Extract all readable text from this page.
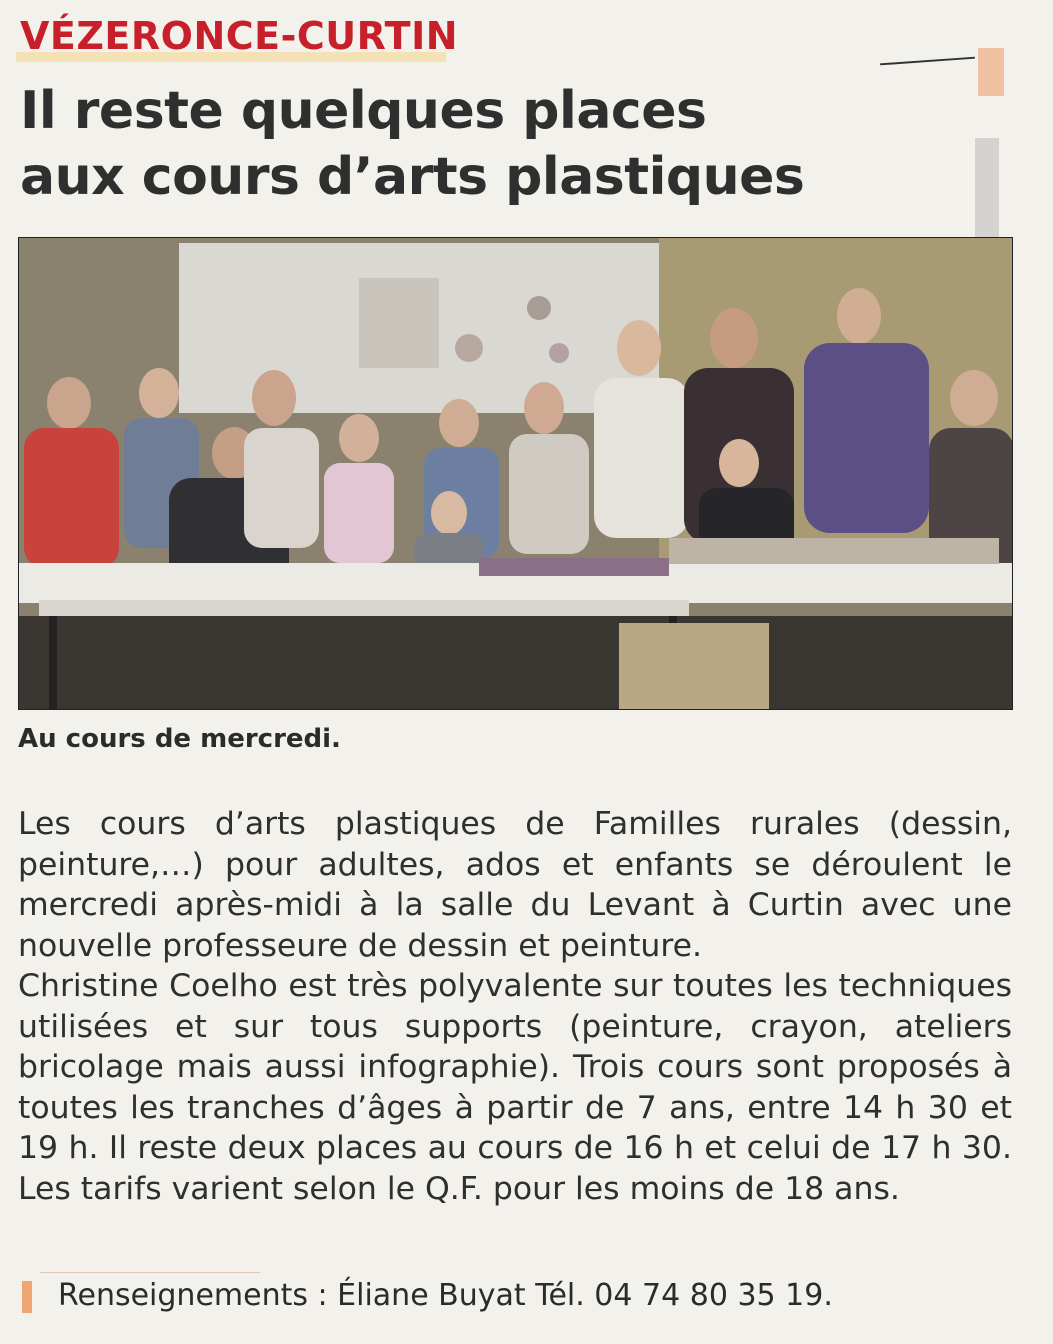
VÉZERONCE-CURTIN
Il reste quelques places
aux cours d’arts plastiques
Au cours de mercredi.

Les cours d’arts plastiques de Familles rurales (dessin, peinture,…) pour adultes, ados et enfants se déroulent le mercredi après-midi à la salle du Levant à Curtin avec une nouvelle professeure de dessin et peinture.

Christine Coelho est très polyvalente sur toutes les techniques utilisées et sur tous supports (peinture, crayon, ateliers bricolage mais aussi infographie). Trois cours sont proposés à toutes les tranches d’âges à partir de 7 ans, entre 14 h 30 et 19 h. Il reste deux places au cours de 16 h et celui de 17 h 30. Les tarifs varient selon le Q.F. pour les moins de 18 ans.

Renseignements : Éliane Buyat Tél. 04 74 80 35 19.
